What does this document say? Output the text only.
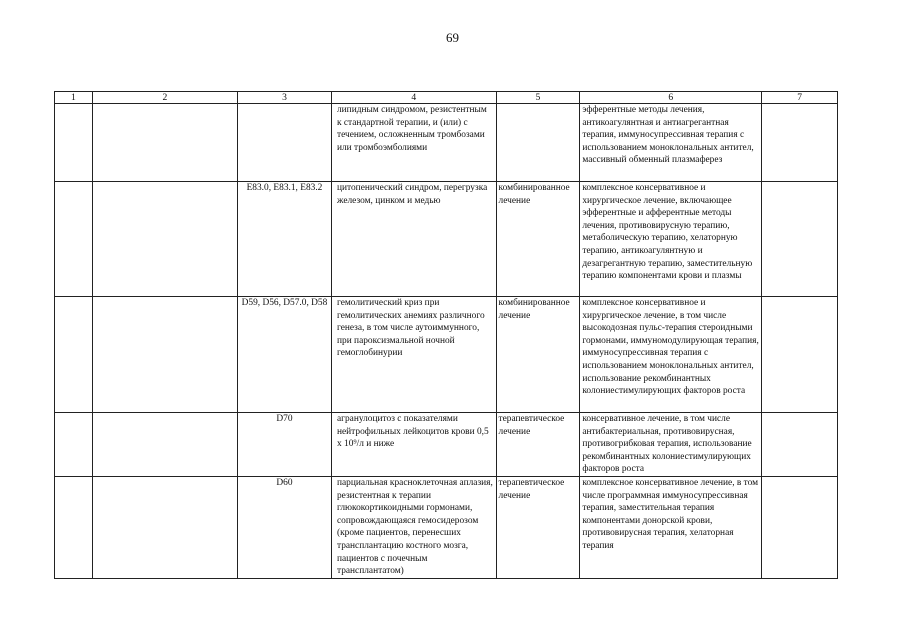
69
1	2	3	4	5	6	7
			липидным синдромом, резистентным к стандартной терапии, и (или) с течением, осложненным тромбозами или тромбоэмболиями		эфферентные методы лечения, антикоагулянтная и антиагрегантная терапия, иммуносупрессивная терапия с использованием моноклональных антител, массивный обменный плазмаферез	
		E83.0, E83.1, E83.2	цитопенический синдром, перегрузка железом, цинком и медью	комбинированное лечение	комплексное консервативное и хирургическое лечение, включающее эфферентные и афферентные методы лечения, противовирусную терапию, метаболическую терапию, хелаторную терапию, антикоагулянтную и дезагрегантную терапию, заместительную терапию компонентами крови и плазмы	
		D59, D56, D57.0, D58	гемолитический криз при гемолитических анемиях различного генеза, в том числе аутоиммунного, при пароксизмальной ночной гемоглобинурии	комбинированное лечение	комплексное консервативное и хирургическое лечение, в том числе высокодозная пульс-терапия стероидными гормонами, иммуномодулирующая терапия, иммуносупрессивная терапия с использованием моноклональных антител, использование рекомбинантных колониестимулирующих факторов роста	
		D70	агранулоцитоз с показателями нейтрофильных лейкоцитов крови 0,5 x 10⁹/л и ниже	терапевтическое лечение	консервативное лечение, в том числе антибактериальная, противовирусная, противогрибковая терапия, использование рекомбинантных колониестимулирующих факторов роста	
		D60	парциальная красноклеточная аплазия, резистентная к терапии глюкокортикоидными гормонами, сопровождающаяся гемосидерозом (кроме пациентов, перенесших трансплантацию костного мозга, пациентов с почечным трансплантатом)	терапевтическое лечение	комплексное консервативное лечение, в том числе программная иммуносупрессивная терапия, заместительная терапия компонентами донорской крови, противовирусная терапия, хелаторная терапия	
